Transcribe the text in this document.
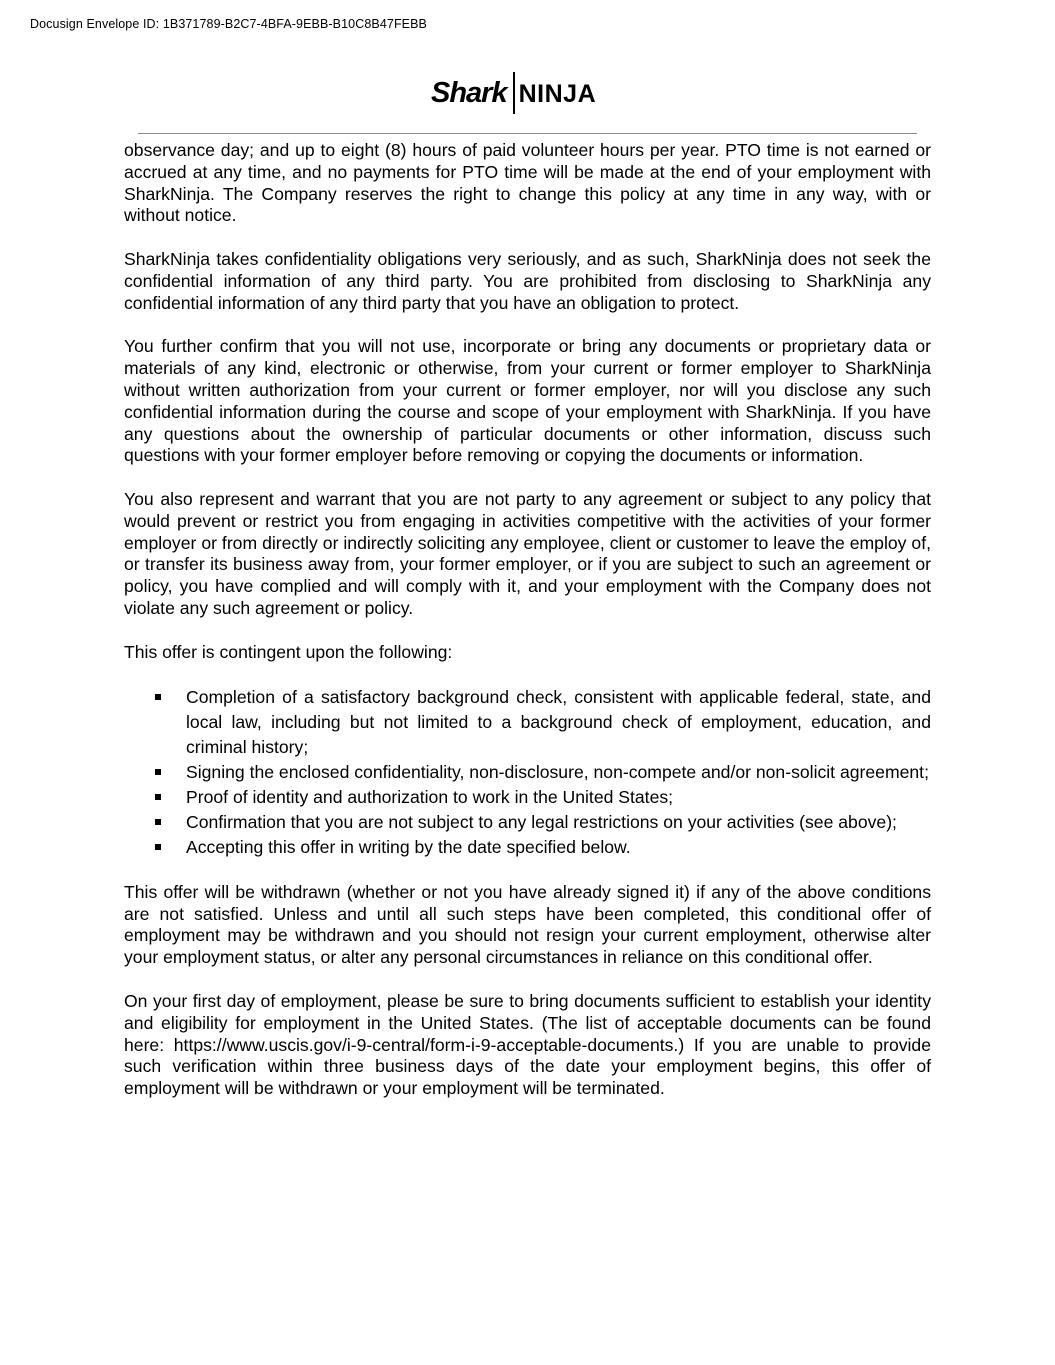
Docusign Envelope ID: 1B371789-B2C7-4BFA-9EBB-B10C8B47FEBB
Shark NINJA

observance day; and up to eight (8) hours of paid volunteer hours per year. PTO time is not earned or accrued at any time, and no payments for PTO time will be made at the end of your employment with SharkNinja. The Company reserves the right to change this policy at any time in any way, with or without notice.

SharkNinja takes confidentiality obligations very seriously, and as such, SharkNinja does not seek the confidential information of any third party. You are prohibited from disclosing to SharkNinja any confidential information of any third party that you have an obligation to protect.

You further confirm that you will not use, incorporate or bring any documents or proprietary data or materials of any kind, electronic or otherwise, from your current or former employer to SharkNinja without written authorization from your current or former employer, nor will you disclose any such confidential information during the course and scope of your employment with SharkNinja. If you have any questions about the ownership of particular documents or other information, discuss such questions with your former employer before removing or copying the documents or information.

You also represent and warrant that you are not party to any agreement or subject to any policy that would prevent or restrict you from engaging in activities competitive with the activities of your former employer or from directly or indirectly soliciting any employee, client or customer to leave the employ of, or transfer its business away from, your former employer, or if you are subject to such an agreement or policy, you have complied and will comply with it, and your employment with the Company does not violate any such agreement or policy.

This offer is contingent upon the following:

Completion of a satisfactory background check, consistent with applicable federal, state, and local law, including but not limited to a background check of employment, education, and criminal history;
Signing the enclosed confidentiality, non-disclosure, non-compete and/or non-solicit agreement;
Proof of identity and authorization to work in the United States;
Confirmation that you are not subject to any legal restrictions on your activities (see above);
Accepting this offer in writing by the date specified below.

This offer will be withdrawn (whether or not you have already signed it) if any of the above conditions are not satisfied. Unless and until all such steps have been completed, this conditional offer of employment may be withdrawn and you should not resign your current employment, otherwise alter your employment status, or alter any personal circumstances in reliance on this conditional offer.

On your first day of employment, please be sure to bring documents sufficient to establish your identity and eligibility for employment in the United States. (The list of acceptable documents can be found here: https://www.uscis.gov/i-9-central/form-i-9-acceptable-documents.) If you are unable to provide such verification within three business days of the date your employment begins, this offer of employment will be withdrawn or your employment will be terminated.
